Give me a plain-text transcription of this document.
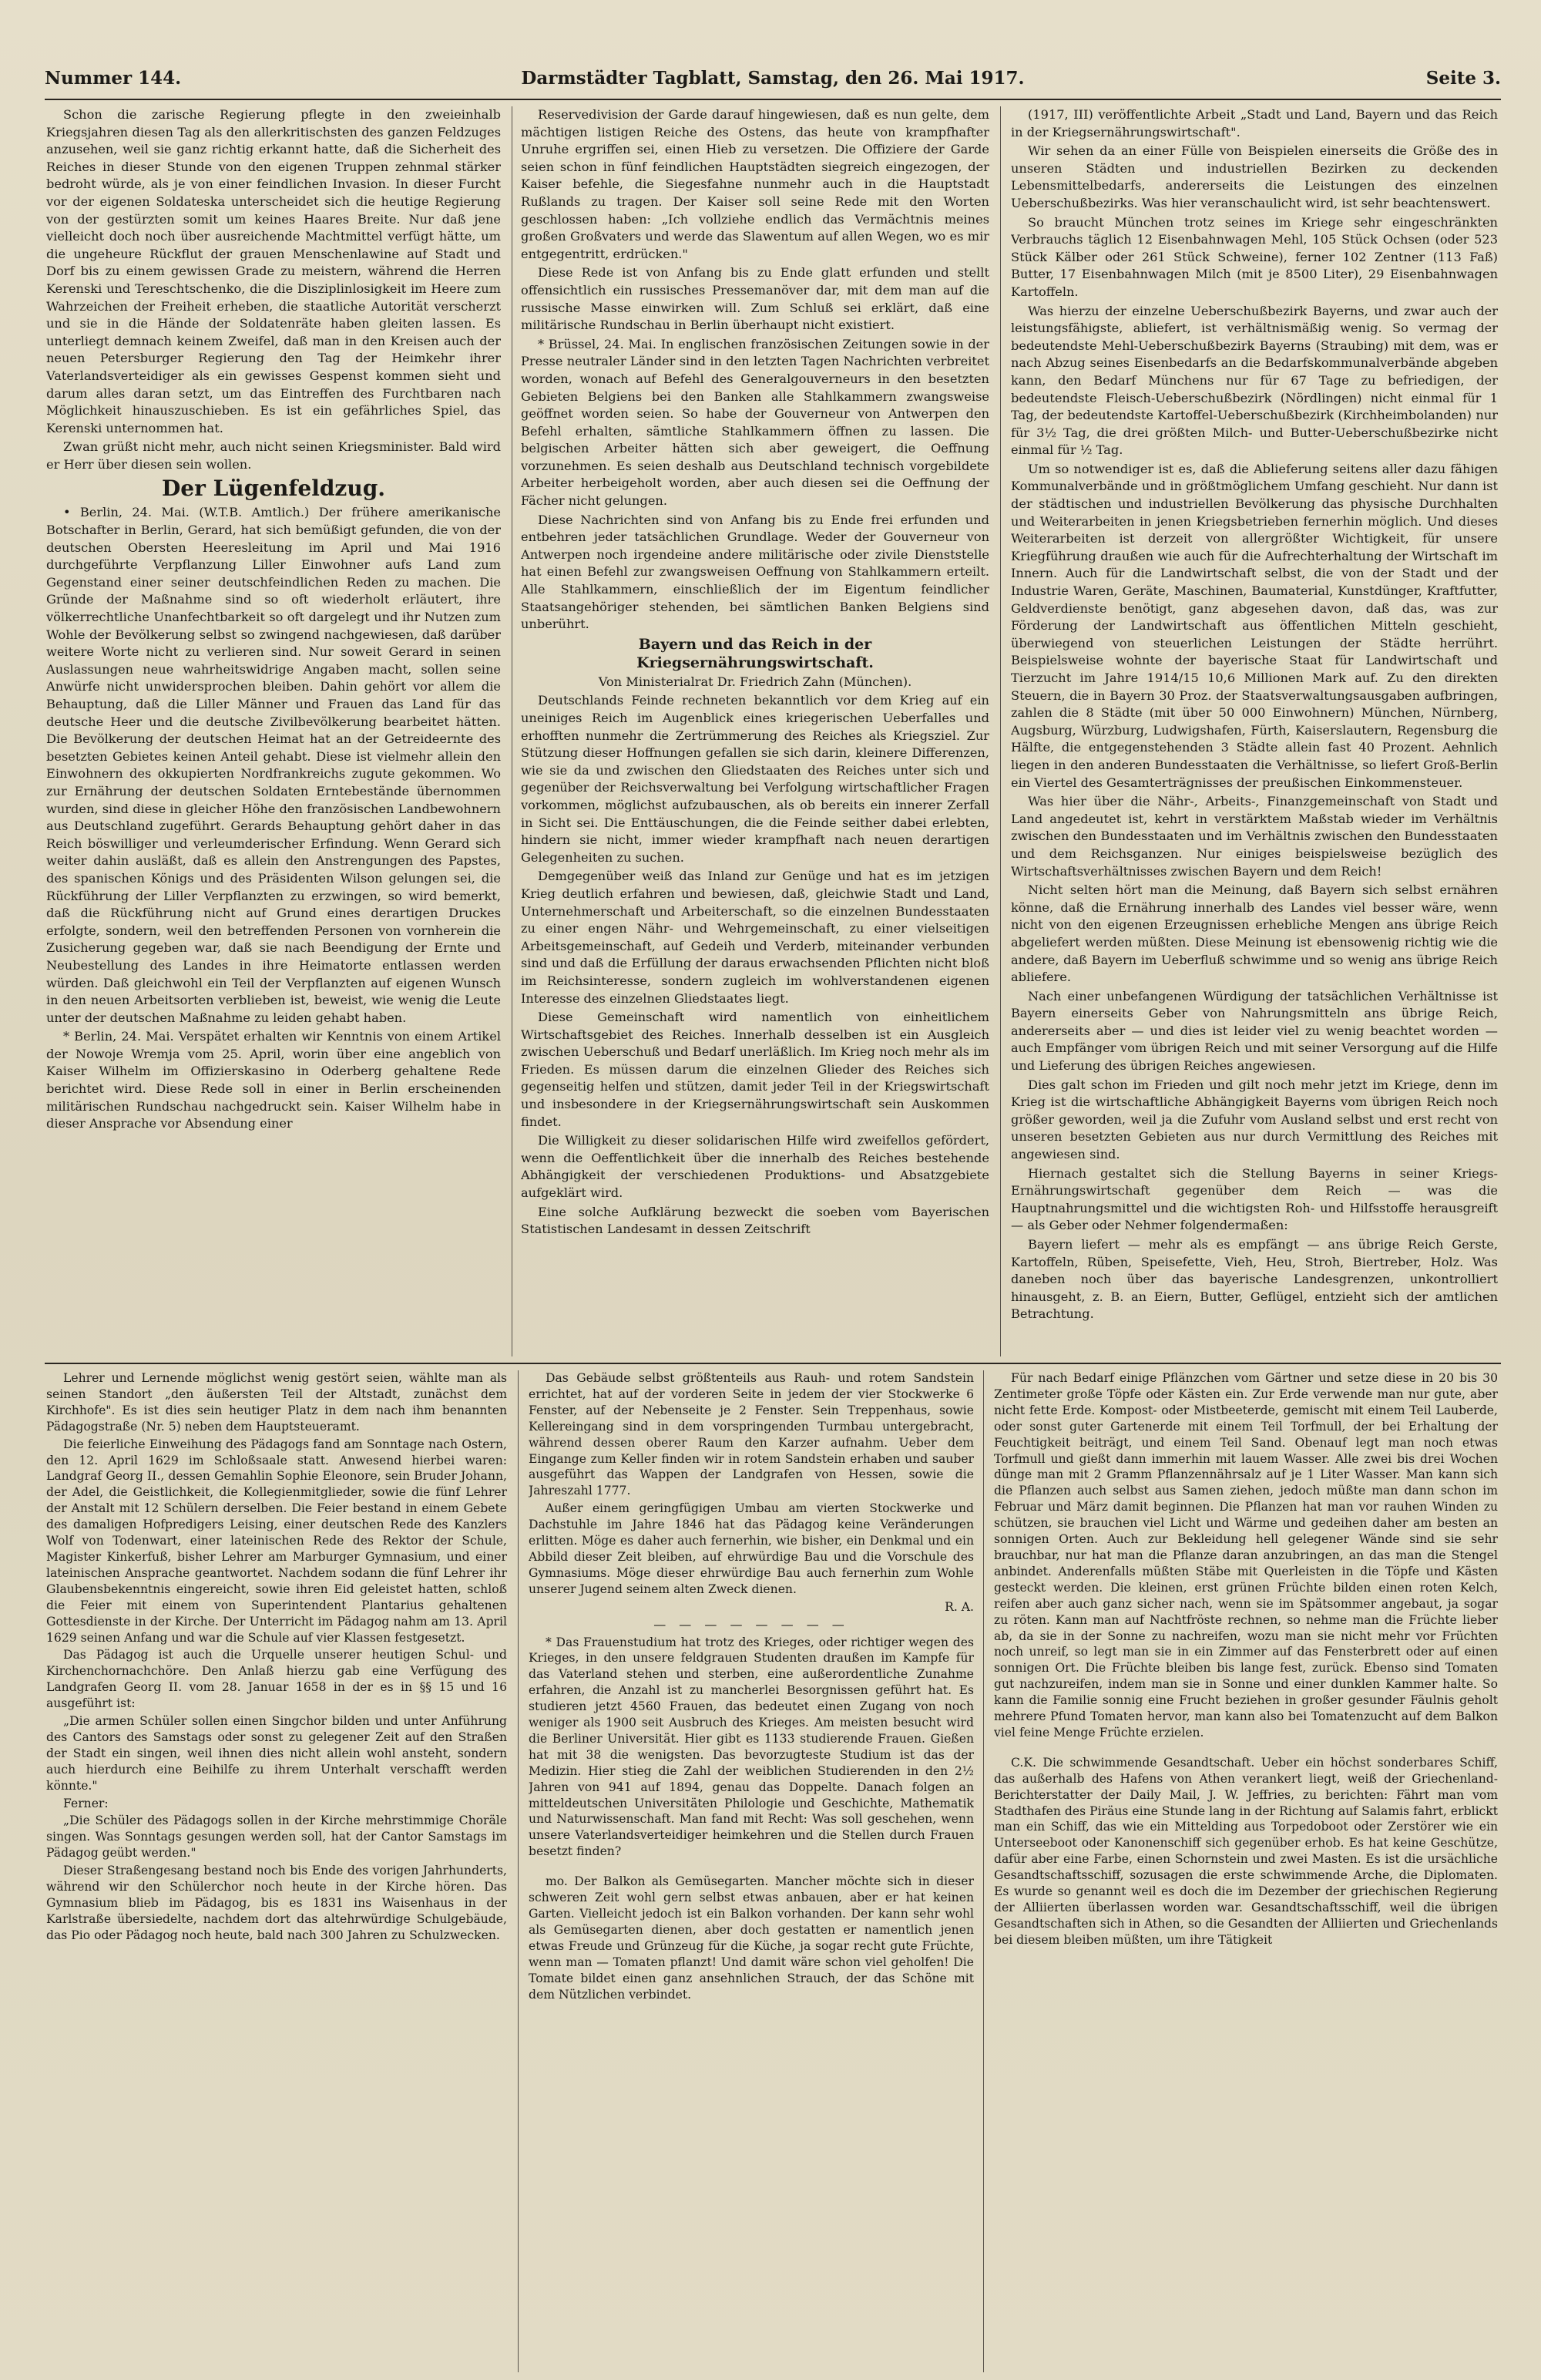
Nummer 144.	Darmstädter Tagblatt, Samstag, den 26. Mai 1917.	Seite 3.

Schon die zarische Regierung pflegte in den zweieinhalb Kriegsjahren diesen Tag als den allerkritischsten des ganzen Feldzuges anzusehen, weil sie ganz richtig erkannt hatte, daß die Sicherheit des Reiches in dieser Stunde von den eigenen Truppen zehnmal stärker bedroht würde, als je von einer feindlichen Invasion. In dieser Furcht vor der eigenen Soldateska unterscheidet sich die heutige Regierung von der gestürzten somit um keines Haares Breite. Nur daß jene vielleicht doch noch über ausreichende Machtmittel verfügt hätte, um die ungeheure Rückflut der grauen Menschenlawine auf Stadt und Dorf bis zu einem gewissen Grade zu meistern, während die Herren Kerenski und Tereschtschenko, die die Disziplinlosigkeit im Heere zum Wahrzeichen der Freiheit erheben, die staatliche Autorität verscherzt und sie in die Hände der Soldatenräte haben gleiten lassen. Es unterliegt demnach keinem Zweifel, daß man in den Kreisen auch der neuen Petersburger Regierung den Tag der Heimkehr ihrer Vaterlandsverteidiger als ein gewisses Gespenst kommen sieht und darum alles daran setzt, um das Eintreffen des Furchtbaren nach Möglichkeit hinauszuschieben. Es ist ein gefährliches Spiel, das Kerenski unternommen hat.

Zwan grüßt nicht mehr, auch nicht seinen Kriegsminister. Bald wird er Herr über diesen sein wollen.

Der Lügenfeldzug.

• Berlin, 24. Mai. (W.T.B. Amtlich.) Der frühere amerikanische Botschafter in Berlin, Gerard, hat sich bemüßigt gefunden, die von der deutschen Obersten Heeresleitung im April und Mai 1916 durchgeführte Verpflanzung Liller Einwohner aufs Land zum Gegenstand einer seiner deutschfeindlichen Reden zu machen. Die Gründe der Maßnahme sind so oft wiederholt erläutert, ihre völkerrechtliche Unanfechtbarkeit so oft dargelegt und ihr Nutzen zum Wohle der Bevölkerung selbst so zwingend nachgewiesen, daß darüber weitere Worte nicht zu verlieren sind. Nur soweit Gerard in seinen Auslassungen neue wahrheitswidrige Angaben macht, sollen seine Anwürfe nicht unwidersprochen bleiben. Dahin gehört vor allem die Behauptung, daß die Liller Männer und Frauen das Land für das deutsche Heer und die deutsche Zivilbevölkerung bearbeitet hätten. Die Bevölkerung der deutschen Heimat hat an der Getreideernte des besetzten Gebietes keinen Anteil gehabt. Diese ist vielmehr allein den Einwohnern des okkupierten Nordfrankreichs zugute gekommen. Wo zur Ernährung der deutschen Soldaten Erntebestände übernommen wurden, sind diese in gleicher Höhe den französischen Landbewohnern aus Deutschland zugeführt. Gerards Behauptung gehört daher in das Reich böswilliger und verleumderischer Erfindung. Wenn Gerard sich weiter dahin ausläßt, daß es allein den Anstrengungen des Papstes, des spanischen Königs und des Präsidenten Wilson gelungen sei, die Rückführung der Liller Verpflanzten zu erzwingen, so wird bemerkt, daß die Rückführung nicht auf Grund eines derartigen Druckes erfolgte, sondern, weil den betreffenden Personen von vornherein die Zusicherung gegeben war, daß sie nach Beendigung der Ernte und Neubestellung des Landes in ihre Heimatorte entlassen werden würden. Daß gleichwohl ein Teil der Verpflanzten auf eigenen Wunsch in den neuen Arbeitsorten verblieben ist, beweist, wie wenig die Leute unter der deutschen Maßnahme zu leiden gehabt haben.

* Berlin, 24. Mai. Verspätet erhalten wir Kenntnis von einem Artikel der Nowoje Wremja vom 25. April, worin über eine angeblich von Kaiser Wilhelm im Offizierskasino in Oderberg gehaltene Rede berichtet wird. Diese Rede soll in einer in Berlin erscheinenden militärischen Rundschau nachgedruckt sein. Kaiser Wilhelm habe in dieser Ansprache vor Absendung einer

Reservedivision der Garde darauf hingewiesen, daß es nun gelte, dem mächtigen listigen Reiche des Ostens, das heute von krampfhafter Unruhe ergriffen sei, einen Hieb zu versetzen. Die Offiziere der Garde seien schon in fünf feindlichen Hauptstädten siegreich eingezogen, der Kaiser befehle, die Siegesfahne nunmehr auch in die Hauptstadt Rußlands zu tragen. Der Kaiser soll seine Rede mit den Worten geschlossen haben: „Ich vollziehe endlich das Vermächtnis meines großen Großvaters und werde das Slawentum auf allen Wegen, wo es mir entgegentritt, erdrücken."

Diese Rede ist von Anfang bis zu Ende glatt erfunden und stellt offensichtlich ein russisches Pressemanöver dar, mit dem man auf die russische Masse einwirken will. Zum Schluß sei erklärt, daß eine militärische Rundschau in Berlin überhaupt nicht existiert.

* Brüssel, 24. Mai. In englischen französischen Zeitungen sowie in der Presse neutraler Länder sind in den letzten Tagen Nachrichten verbreitet worden, wonach auf Befehl des Generalgouverneurs in den besetzten Gebieten Belgiens bei den Banken alle Stahlkammern zwangsweise geöffnet worden seien. So habe der Gouverneur von Antwerpen den Befehl erhalten, sämtliche Stahlkammern öffnen zu lassen. Die belgischen Arbeiter hätten sich aber geweigert, die Oeffnung vorzunehmen. Es seien deshalb aus Deutschland technisch vorgebildete Arbeiter herbeigeholt worden, aber auch diesen sei die Oeffnung der Fächer nicht gelungen.

Diese Nachrichten sind von Anfang bis zu Ende frei erfunden und entbehren jeder tatsächlichen Grundlage. Weder der Gouverneur von Antwerpen noch irgendeine andere militärische oder zivile Dienststelle hat einen Befehl zur zwangsweisen Oeffnung von Stahlkammern erteilt. Alle Stahlkammern, einschließlich der im Eigentum feindlicher Staatsangehöriger stehenden, bei sämtlichen Banken Belgiens sind unberührt.

Bayern und das Reich in der Kriegsernährungswirtschaft.

Von Ministerialrat Dr. Friedrich Zahn (München).

Deutschlands Feinde rechneten bekanntlich vor dem Krieg auf ein uneiniges Reich im Augenblick eines kriegerischen Ueberfalles und erhofften nunmehr die Zertrümmerung des Reiches als Kriegsziel. Zur Stützung dieser Hoffnungen gefallen sie sich darin, kleinere Differenzen, wie sie da und zwischen den Gliedstaaten des Reiches unter sich und gegenüber der Reichsverwaltung bei Verfolgung wirtschaftlicher Fragen vorkommen, möglichst aufzubauschen, als ob bereits ein innerer Zerfall in Sicht sei. Die Enttäuschungen, die die Feinde seither dabei erlebten, hindern sie nicht, immer wieder krampfhaft nach neuen derartigen Gelegenheiten zu suchen.

Demgegenüber weiß das Inland zur Genüge und hat es im jetzigen Krieg deutlich erfahren und bewiesen, daß, gleichwie Stadt und Land, Unternehmerschaft und Arbeiterschaft, so die einzelnen Bundesstaaten zu einer engen Nähr- und Wehrgemeinschaft, zu einer vielseitigen Arbeitsgemeinschaft, auf Gedeih und Verderb, miteinander verbunden sind und daß die Erfüllung der daraus erwachsenden Pflichten nicht bloß im Reichsinteresse, sondern zugleich im wohlverstandenen eigenen Interesse des einzelnen Gliedstaates liegt.

Diese Gemeinschaft wird namentlich von einheitlichem Wirtschaftsgebiet des Reiches. Innerhalb desselben ist ein Ausgleich zwischen Ueberschuß und Bedarf unerläßlich. Im Krieg noch mehr als im Frieden. Es müssen darum die einzelnen Glieder des Reiches sich gegenseitig helfen und stützen, damit jeder Teil in der Kriegswirtschaft und insbesondere in der Kriegsernährungswirtschaft sein Auskommen findet.

Die Willigkeit zu dieser solidarischen Hilfe wird zweifellos gefördert, wenn die Oeffentlichkeit über die innerhalb des Reiches bestehende Abhängigkeit der verschiedenen Produktions- und Absatzgebiete aufgeklärt wird.

Eine solche Aufklärung bezweckt die soeben vom Bayerischen Statistischen Landesamt in dessen Zeitschrift

(1917, III) veröffentlichte Arbeit „Stadt und Land, Bayern und das Reich in der Kriegsernährungswirtschaft".

Wir sehen da an einer Fülle von Beispielen einerseits die Größe des in unseren Städten und industriellen Bezirken zu deckenden Lebensmittelbedarfs, andererseits die Leistungen des einzelnen Ueberschußbezirks. Was hier veranschaulicht wird, ist sehr beachtenswert.

So braucht München trotz seines im Kriege sehr eingeschränkten Verbrauchs täglich 12 Eisenbahnwagen Mehl, 105 Stück Ochsen (oder 523 Stück Kälber oder 261 Stück Schweine), ferner 102 Zentner (113 Faß) Butter, 17 Eisenbahnwagen Milch (mit je 8500 Liter), 29 Eisenbahnwagen Kartoffeln.

Was hierzu der einzelne Ueberschußbezirk Bayerns, und zwar auch der leistungsfähigste, abliefert, ist verhältnismäßig wenig. So vermag der bedeutendste Mehl-Ueberschußbezirk Bayerns (Straubing) mit dem, was er nach Abzug seines Eisenbedarfs an die Bedarfskommunalverbände abgeben kann, den Bedarf Münchens nur für 67 Tage zu befriedigen, der bedeutendste Fleisch-Ueberschußbezirk (Nördlingen) nicht einmal für 1 Tag, der bedeutendste Kartoffel-Ueberschußbezirk (Kirchheimbolanden) nur für 3½ Tag, die drei größten Milch- und Butter-Ueberschußbezirke nicht einmal für ½ Tag.

Um so notwendiger ist es, daß die Ablieferung seitens aller dazu fähigen Kommunalverbände und in größtmöglichem Umfang geschieht. Nur dann ist der städtischen und industriellen Bevölkerung das physische Durchhalten und Weiterarbeiten in jenen Kriegsbetrieben fernerhin möglich. Und dieses Weiterarbeiten ist derzeit von allergrößter Wichtigkeit, für unsere Kriegführung draußen wie auch für die Aufrechterhaltung der Wirtschaft im Innern. Auch für die Landwirtschaft selbst, die von der Stadt und der Industrie Waren, Geräte, Maschinen, Baumaterial, Kunstdünger, Kraftfutter, Geldverdienste benötigt, ganz abgesehen davon, daß das, was zur Förderung der Landwirtschaft aus öffentlichen Mitteln geschieht, überwiegend von steuerlichen Leistungen der Städte herrührt. Beispielsweise wohnte der bayerische Staat für Landwirtschaft und Tierzucht im Jahre 1914/15 10,6 Millionen Mark auf. Zu den direkten Steuern, die in Bayern 30 Proz. der Staatsverwaltungsausgaben aufbringen, zahlen die 8 Städte (mit über 50 000 Einwohnern) München, Nürnberg, Augsburg, Würzburg, Ludwigshafen, Fürth, Kaiserslautern, Regensburg die Hälfte, die entgegenstehenden 3 Städte allein fast 40 Prozent. Aehnlich liegen in den anderen Bundesstaaten die Verhältnisse, so liefert Groß-Berlin ein Viertel des Gesamterträgnisses der preußischen Einkommensteuer.

Was hier über die Nähr-, Arbeits-, Finanzgemeinschaft von Stadt und Land angedeutet ist, kehrt in verstärktem Maßstab wieder im Verhältnis zwischen den Bundesstaaten und im Verhältnis zwischen den Bundesstaaten und dem Reichsganzen. Nur einiges beispielsweise bezüglich des Wirtschaftsverhältnisses zwischen Bayern und dem Reich!

Nicht selten hört man die Meinung, daß Bayern sich selbst ernähren könne, daß die Ernährung innerhalb des Landes viel besser wäre, wenn nicht von den eigenen Erzeugnissen erhebliche Mengen ans übrige Reich abgeliefert werden müßten. Diese Meinung ist ebensowenig richtig wie die andere, daß Bayern im Ueberfluß schwimme und so wenig ans übrige Reich abliefere.

Nach einer unbefangenen Würdigung der tatsächlichen Verhältnisse ist Bayern einerseits Geber von Nahrungsmitteln ans übrige Reich, andererseits aber — und dies ist leider viel zu wenig beachtet worden — auch Empfänger vom übrigen Reich und mit seiner Versorgung auf die Hilfe und Lieferung des übrigen Reiches angewiesen.

Dies galt schon im Frieden und gilt noch mehr jetzt im Kriege, denn im Krieg ist die wirtschaftliche Abhängigkeit Bayerns vom übrigen Reich noch größer geworden, weil ja die Zufuhr vom Ausland selbst und erst recht von unseren besetzten Gebieten aus nur durch Vermittlung des Reiches mit angewiesen sind.

Hiernach gestaltet sich die Stellung Bayerns in seiner Kriegs-Ernährungswirtschaft gegenüber dem Reich — was die Hauptnahrungsmittel und die wichtigsten Roh- und Hilfsstoffe herausgreift — als Geber oder Nehmer folgendermaßen:

Bayern liefert — mehr als es empfängt — ans übrige Reich Gerste, Kartoffeln, Rüben, Speisefette, Vieh, Heu, Stroh, Biertreber, Holz. Was daneben noch über das bayerische Landesgrenzen, unkontrolliert hinausgeht, z. B. an Eiern, Butter, Geflügel, entzieht sich der amtlichen Betrachtung.

Lehrer und Lernende möglichst wenig gestört seien, wählte man als seinen Standort „den äußersten Teil der Altstadt, zunächst dem Kirchhofe". Es ist dies sein heutiger Platz in dem nach ihm benannten Pädagogstraße (Nr. 5) neben dem Hauptsteueramt.

Die feierliche Einweihung des Pädagogs fand am Sonntage nach Ostern, den 12. April 1629 im Schloßsaale statt. Anwesend hierbei waren: Landgraf Georg II., dessen Gemahlin Sophie Eleonore, sein Bruder Johann, der Adel, die Geistlichkeit, die Kollegienmitglieder, sowie die fünf Lehrer der Anstalt mit 12 Schülern derselben. Die Feier bestand in einem Gebete des damaligen Hofpredigers Leising, einer deutschen Rede des Kanzlers Wolf von Todenwart, einer lateinischen Rede des Rektor der Schule, Magister Kinkerfuß, bisher Lehrer am Marburger Gymnasium, und einer lateinischen Ansprache geantwortet. Nachdem sodann die fünf Lehrer ihr Glaubensbekenntnis eingereicht, sowie ihren Eid geleistet hatten, schloß die Feier mit einem von Superintendent Plantarius gehaltenen Gottesdienste in der Kirche. Der Unterricht im Pädagog nahm am 13. April 1629 seinen Anfang und war die Schule auf vier Klassen festgesetzt.

Das Pädagog ist auch die Urquelle unserer heutigen Schul- und Kirchenchornachchöre. Den Anlaß hierzu gab eine Verfügung des Landgrafen Georg II. vom 28. Januar 1658 in der es in §§ 15 und 16 ausgeführt ist:

„Die armen Schüler sollen einen Singchor bilden und unter Anführung des Cantors des Samstags oder sonst zu gelegener Zeit auf den Straßen der Stadt ein singen, weil ihnen dies nicht allein wohl ansteht, sondern auch hierdurch eine Beihilfe zu ihrem Unterhalt verschafft werden könnte."

Ferner:

„Die Schüler des Pädagogs sollen in der Kirche mehrstimmige Choräle singen. Was Sonntags gesungen werden soll, hat der Cantor Samstags im Pädagog geübt werden."

Dieser Straßengesang bestand noch bis Ende des vorigen Jahrhunderts, während wir den Schülerchor noch heute in der Kirche hören. Das Gymnasium blieb im Pädagog, bis es 1831 ins Waisenhaus in der Karlstraße übersiedelte, nachdem dort das altehrwürdige Schulgebäude, das Pio oder Pädagog noch heute, bald nach 300 Jahren zu Schulzwecken.

Das Gebäude selbst größtenteils aus Rauh- und rotem Sandstein errichtet, hat auf der vorderen Seite in jedem der vier Stockwerke 6 Fenster, auf der Nebenseite je 2 Fenster. Sein Treppenhaus, sowie Kellereingang sind in dem vorspringenden Turmbau untergebracht, während dessen oberer Raum den Karzer aufnahm. Ueber dem Eingange zum Keller finden wir in rotem Sandstein erhaben und sauber ausgeführt das Wappen der Landgrafen von Hessen, sowie die Jahreszahl 1777.

Außer einem geringfügigen Umbau am vierten Stockwerke und Dachstuhle im Jahre 1846 hat das Pädagog keine Veränderungen erlitten. Möge es daher auch fernerhin, wie bisher, ein Denkmal und ein Abbild dieser Zeit bleiben, auf ehrwürdige Bau und die Vorschule des Gymnasiums. Möge dieser ehrwürdige Bau auch fernerhin zum Wohle unserer Jugend seinem alten Zweck dienen.

R. A.

— — — — — — — —

* Das Frauenstudium hat trotz des Krieges, oder richtiger wegen des Krieges, in den unsere feldgrauen Studenten draußen im Kampfe für das Vaterland stehen und sterben, eine außerordentliche Zunahme erfahren, die Anzahl ist zu mancherlei Besorgnissen geführt hat. Es studieren jetzt 4560 Frauen, das bedeutet einen Zugang von noch weniger als 1900 seit Ausbruch des Krieges. Am meisten besucht wird die Berliner Universität. Hier gibt es 1133 studierende Frauen. Gießen hat mit 38 die wenigsten. Das bevorzugteste Studium ist das der Medizin. Hier stieg die Zahl der weiblichen Studierenden in den 2½ Jahren von 941 auf 1894, genau das Doppelte. Danach folgen an mitteldeutschen Universitäten Philologie und Geschichte, Mathematik und Naturwissenschaft. Man fand mit Recht: Was soll geschehen, wenn unsere Vaterlandsverteidiger heimkehren und die Stellen durch Frauen besetzt finden?

mo. Der Balkon als Gemüsegarten. Mancher möchte sich in dieser schweren Zeit wohl gern selbst etwas anbauen, aber er hat keinen Garten. Vielleicht jedoch ist ein Balkon vorhanden. Der kann sehr wohl als Gemüsegarten dienen, aber doch gestatten er namentlich jenen etwas Freude und Grünzeug für die Küche, ja sogar recht gute Früchte, wenn man — Tomaten pflanzt! Und damit wäre schon viel geholfen! Die Tomate bildet einen ganz ansehnlichen Strauch, der das Schöne mit dem Nützlichen verbindet.

Für nach Bedarf einige Pflänzchen vom Gärtner und setze diese in 20 bis 30 Zentimeter große Töpfe oder Kästen ein. Zur Erde verwende man nur gute, aber nicht fette Erde. Kompost- oder Mistbeeterde, gemischt mit einem Teil Lauberde, oder sonst guter Gartenerde mit einem Teil Torfmull, der bei Erhaltung der Feuchtigkeit beiträgt, und einem Teil Sand. Obenauf legt man noch etwas Torfmull und gießt dann immerhin mit lauem Wasser. Alle zwei bis drei Wochen dünge man mit 2 Gramm Pflanzennährsalz auf je 1 Liter Wasser. Man kann sich die Pflanzen auch selbst aus Samen ziehen, jedoch müßte man dann schon im Februar und März damit beginnen. Die Pflanzen hat man vor rauhen Winden zu schützen, sie brauchen viel Licht und Wärme und gedeihen daher am besten an sonnigen Orten. Auch zur Bekleidung hell gelegener Wände sind sie sehr brauchbar, nur hat man die Pflanze daran anzubringen, an das man die Stengel anbindet. Anderenfalls müßten Stäbe mit Querleisten in die Töpfe und Kästen gesteckt werden. Die kleinen, erst grünen Früchte bilden einen roten Kelch, reifen aber auch ganz sicher nach, wenn sie im Spätsommer angebaut, ja sogar zu röten. Kann man auf Nachtfröste rechnen, so nehme man die Früchte lieber ab, da sie in der Sonne zu nachreifen, wozu man sie nicht mehr vor Früchten noch unreif, so legt man sie in ein Zimmer auf das Fensterbrett oder auf einen sonnigen Ort. Die Früchte bleiben bis lange fest, zurück. Ebenso sind Tomaten gut nachzureifen, indem man sie in Sonne und einer dunklen Kammer halte. So kann die Familie sonnig eine Frucht beziehen in großer gesunder Fäulnis geholt mehrere Pfund Tomaten hervor, man kann also bei Tomatenzucht auf dem Balkon viel feine Menge Früchte erzielen.

C.K. Die schwimmende Gesandtschaft. Ueber ein höchst sonderbares Schiff, das außerhalb des Hafens von Athen verankert liegt, weiß der Griechenland-Berichterstatter der Daily Mail, J. W. Jeffries, zu berichten: Fährt man vom Stadthafen des Piräus eine Stunde lang in der Richtung auf Salamis fahrt, erblickt man ein Schiff, das wie ein Mittelding aus Torpedoboot oder Zerstörer wie ein Unterseeboot oder Kanonenschiff sich gegenüber erhob. Es hat keine Geschütze, dafür aber eine Farbe, einen Schornstein und zwei Masten. Es ist die ursächliche Gesandtschaftsschiff, sozusagen die erste schwimmende Arche, die Diplomaten. Es wurde so genannt weil es doch die im Dezember der griechischen Regierung der Alliierten überlassen worden war. Gesandtschaftsschiff, weil die übrigen Gesandtschaften sich in Athen, so die Gesandten der Alliierten und Griechenlands bei diesem bleiben müßten, um ihre Tätigkeit
